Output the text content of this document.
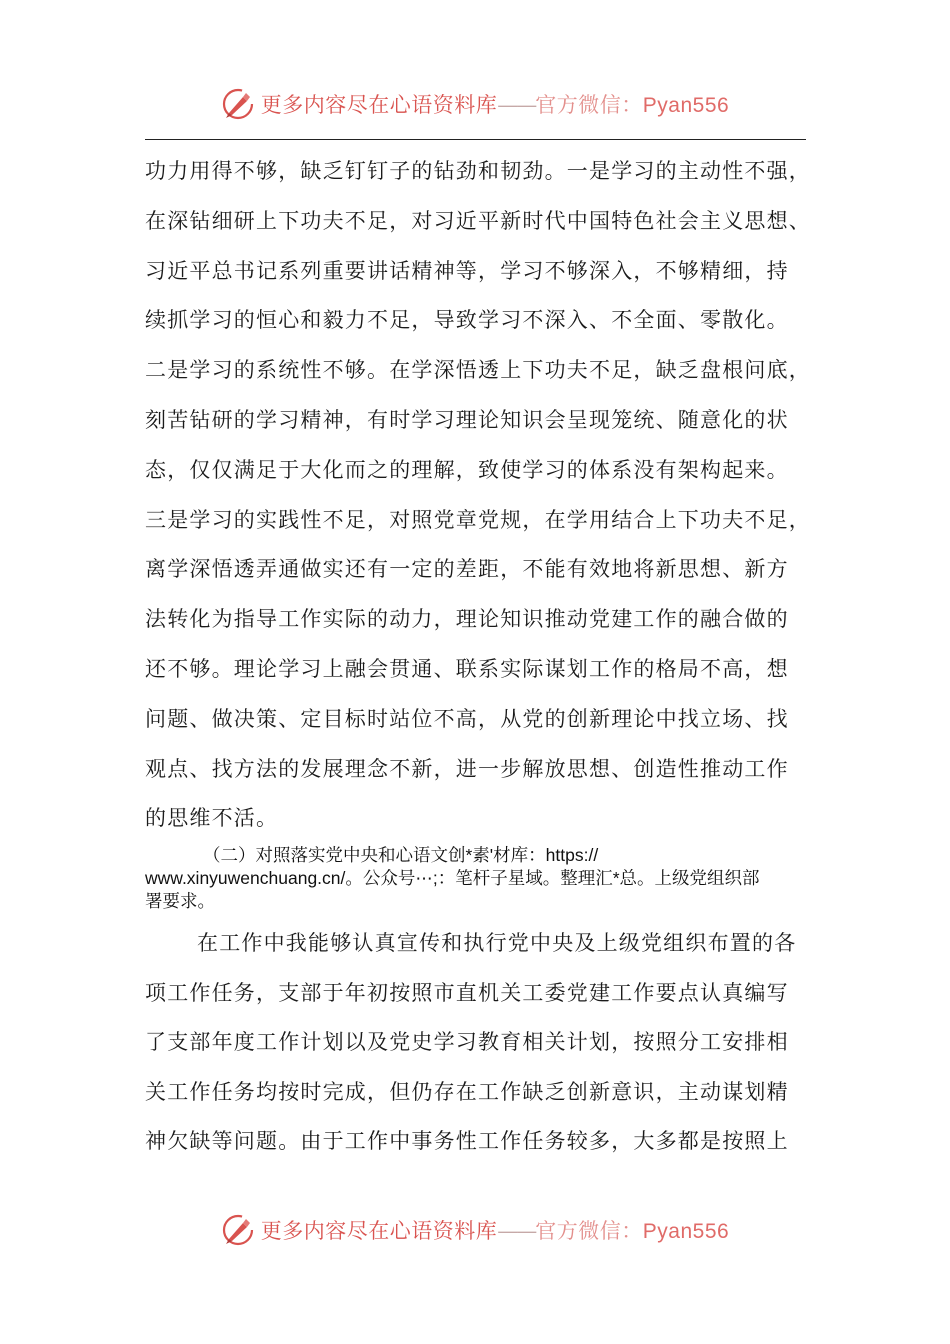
更多内容尽在心语资料库——官方微信：Pyan556
功力用得不够，缺乏钉钉子的钻劲和韧劲。一是学习的主动性不强，
在深钻细研上下功夫不足，对习近平新时代中国特色社会主义思想、
习近平总书记系列重要讲话精神等，学习不够深入，不够精细，持
续抓学习的恒心和毅力不足，导致学习不深入、不全面、零散化。
二是学习的系统性不够。在学深悟透上下功夫不足，缺乏盘根问底，
刻苦钻研的学习精神，有时学习理论知识会呈现笼统、随意化的状
态，仅仅满足于大化而之的理解，致使学习的体系没有架构起来。
三是学习的实践性不足，对照党章党规，在学用结合上下功夫不足，
离学深悟透弄通做实还有一定的差距，不能有效地将新思想、新方
法转化为指导工作实际的动力，理论知识推动党建工作的融合做的
还不够。理论学习上融会贯通、联系实际谋划工作的格局不高，想
问题、做决策、定目标时站位不高，从党的创新理论中找立场、找
观点、找方法的发展理念不新，进一步解放思想、创造性推动工作
的思维不活。
（二）对照落实党中央和心语文创*素'材库：https://
www.xinyuwenchuang.cn/。公众号⋯;：笔杆子星域。整理汇*总。上级党组织部
署要求。
在工作中我能够认真宣传和执行党中央及上级党组织布置的各
项工作任务，支部于年初按照市直机关工委党建工作要点认真编写
了支部年度工作计划以及党史学习教育相关计划，按照分工安排相
关工作任务均按时完成，但仍存在工作缺乏创新意识，主动谋划精
神欠缺等问题。由于工作中事务性工作任务较多，大多都是按照上
更多内容尽在心语资料库——官方微信：Pyan556
